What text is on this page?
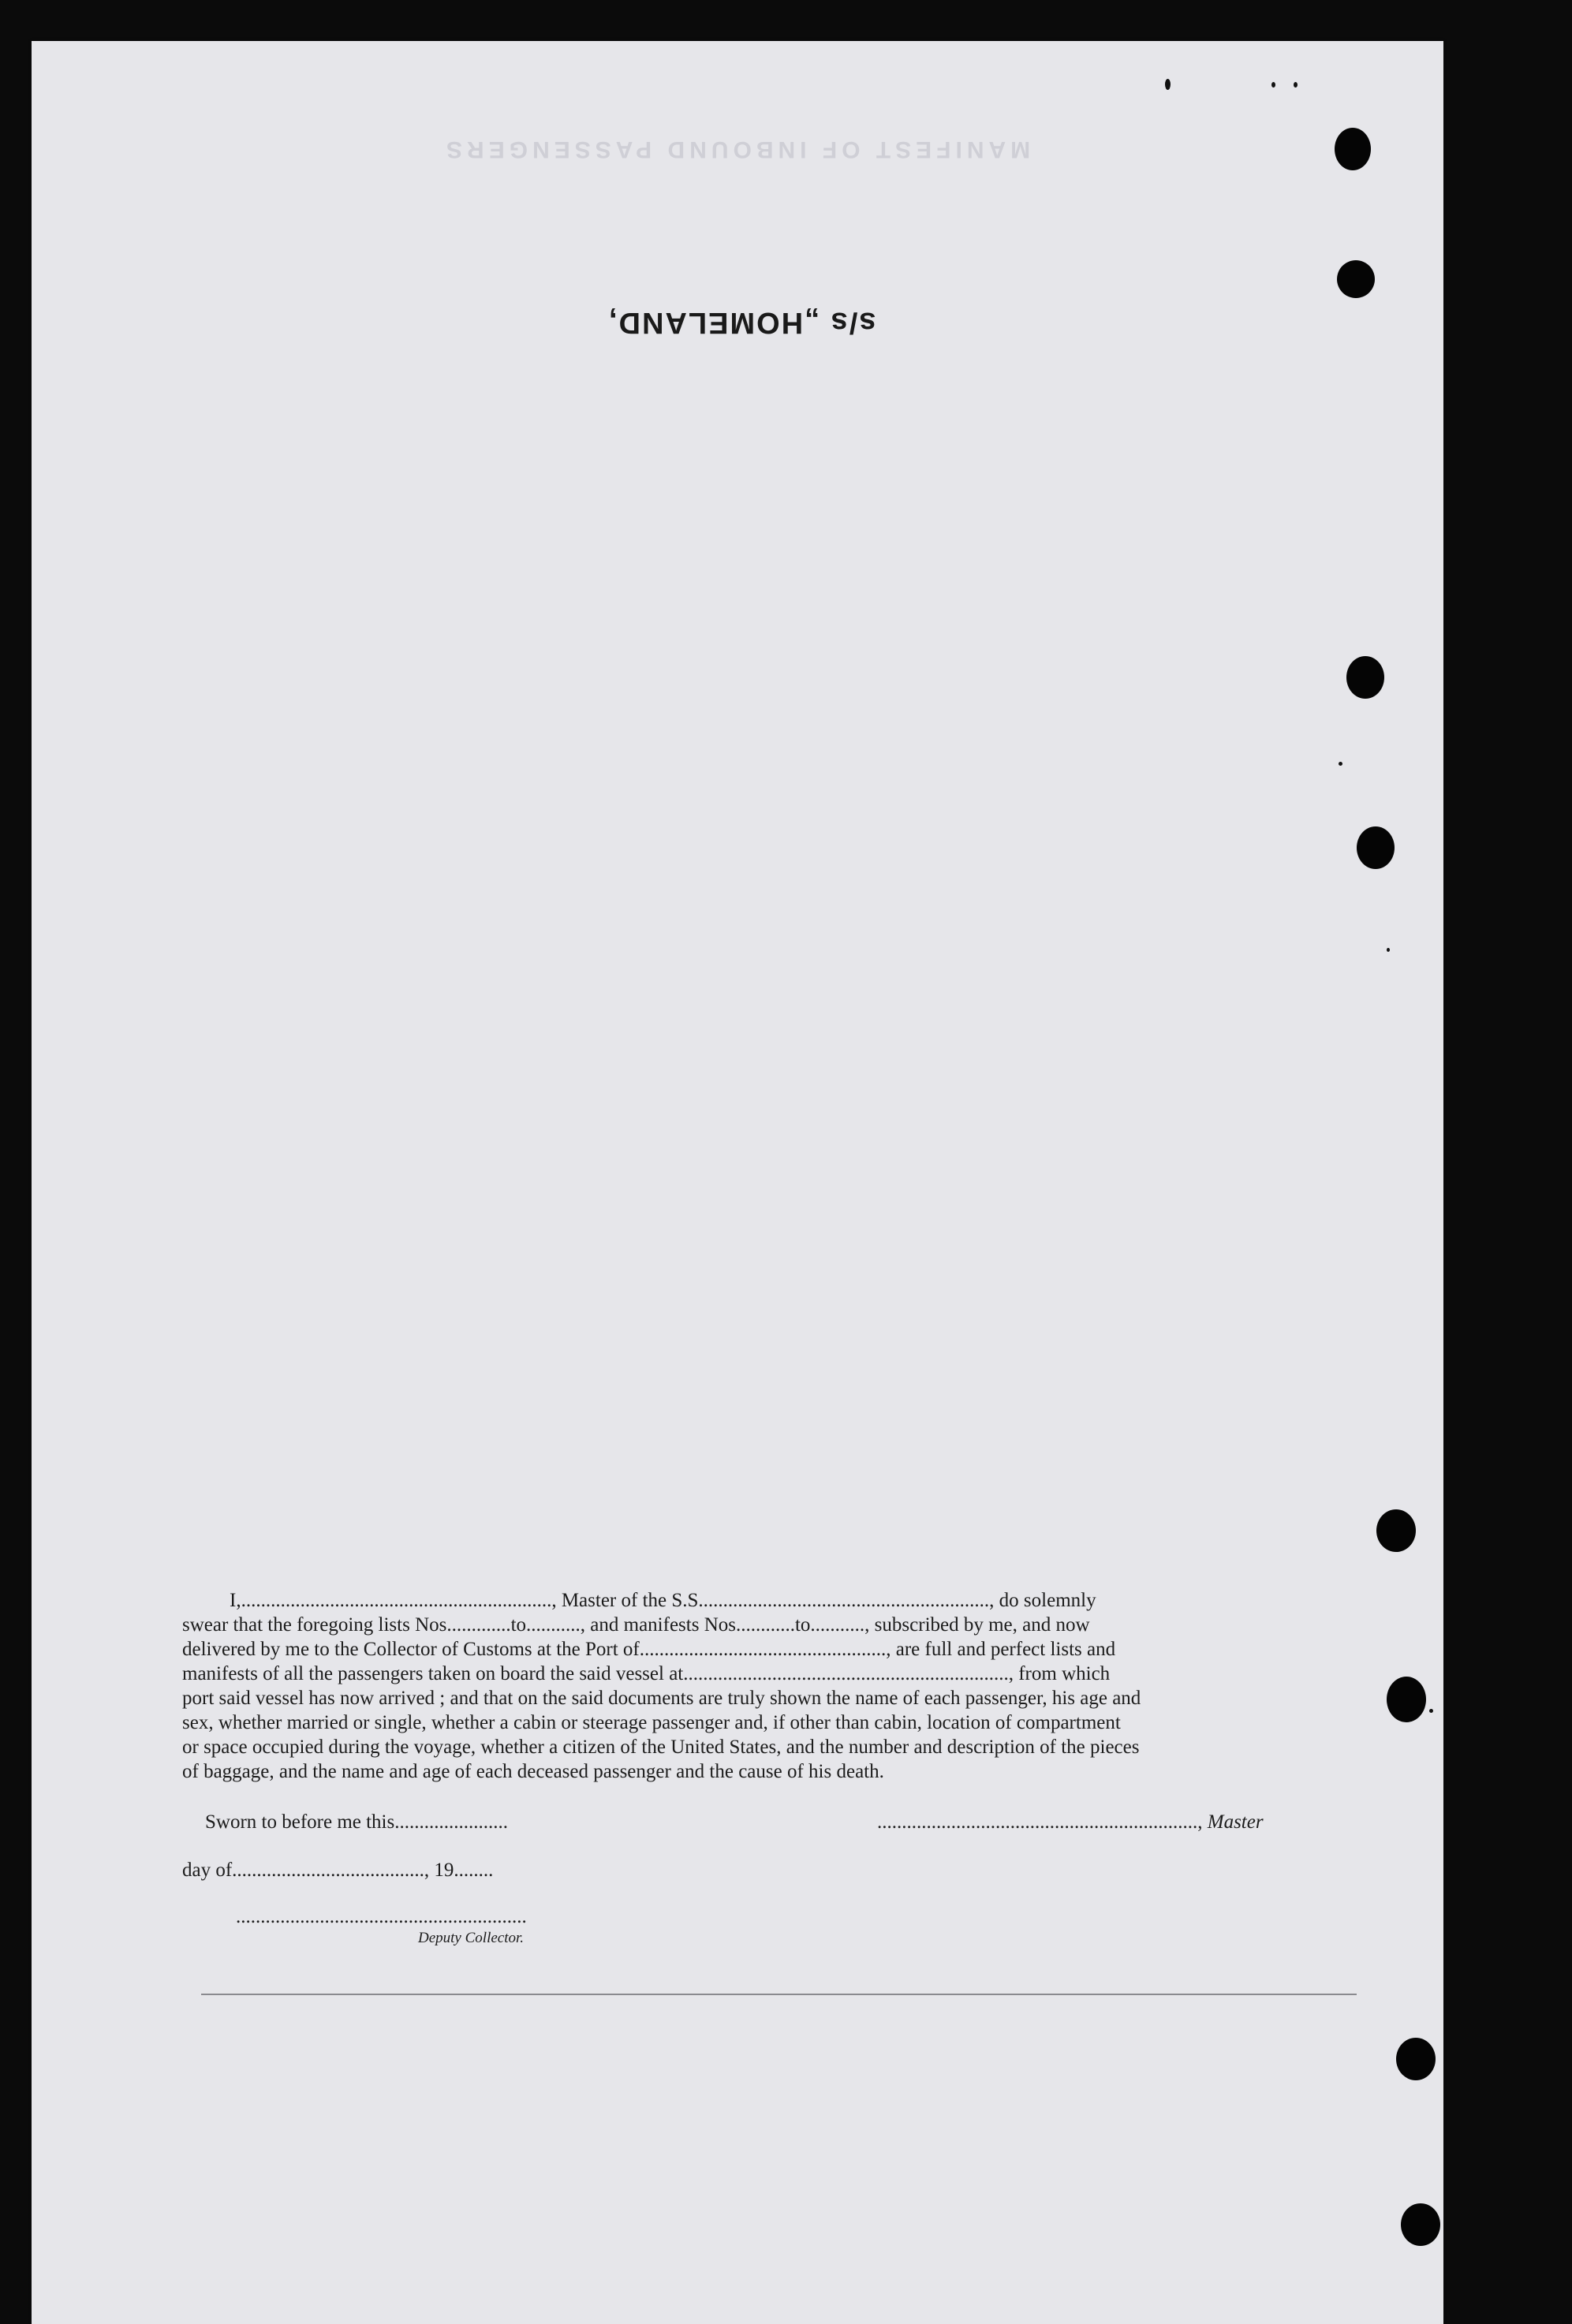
MANIFEST OF INBOUND PASSENGERS
s/s „HOMELAND,
I,..............................................................., Master of the S.S..........................................................., do solemnly
swear that the foregoing lists Nos.............to..........., and manifests Nos............to..........., subscribed by me, and now
delivered by me to the Collector of Customs at the Port of.................................................., are full and perfect lists and
manifests of all the passengers taken on board the said vessel at.................................................................., from which
port said vessel has now arrived ; and that on the said documents are truly shown the name of each passenger, his age and
sex, whether married or single, whether a cabin or steerage passenger and, if other than cabin, location of compartment
or space occupied during the voyage, whether a citizen of the United States, and the number and description of the pieces
of baggage, and the name and age of each deceased passenger and the cause of his death.
Sworn to before me this.......................	................................................................., Master
day of......................................., 19........
...........................................................
Deputy Collector.
